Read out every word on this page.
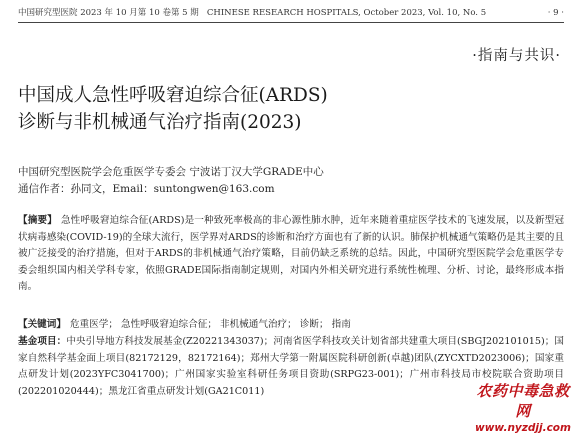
中国研究型医院 2023 年 10 月第 10 卷第 5 期 CHINESE RESEARCH HOSPITALS, October 2023, Vol. 10, No. 5	· 9 ·
·指南与共识·
中国成人急性呼吸窘迫综合征(ARDS)
诊断与非机械通气治疗指南(2023)
中国研究型医院学会危重医学专委会 宁波诺丁汉大学GRADE中心
通信作者：孙同文，Email：suntongwen@163.com
【摘要】 急性呼吸窘迫综合征(ARDS)是一种致死率极高的非心源性肺水肿，近年来随着重症医学技术的飞速发展，以及新型冠状病毒感染(COVID-19)的全球大流行，医学界对ARDS的诊断和治疗方面也有了新的认识。肺保护机械通气策略仍是其主要的且被广泛接受的治疗措施，但对于ARDS的非机械通气治疗策略，目前仍缺乏系统的总结。因此，中国研究型医院学会危重医学专委会组织国内相关学科专家，依照GRADE国际指南制定规则，对国内外相关研究进行系统性梳理、分析、讨论，最终形成本指南。
【关键词】 危重医学； 急性呼吸窘迫综合征； 非机械通气治疗； 诊断； 指南
基金项目：中央引导地方科技发展基金(Z20221343037)；河南省医学科技攻关计划省部共建重大项目(SBGJ202101015)；国家自然科学基金面上项目(82172129，82172164)；郑州大学第一附属医院科研创新(卓越)团队(ZYCXTD2023006)；国家重点研发计划(2023YFC3041700)；广州国家实验室科研任务项目资助(SRPG23-001)；广州市科技局市校院联合资助项目(202201020444)；黑龙江省重点研发计划(GA21C011)	农药中毒急救网
www.nyzdjj.com
